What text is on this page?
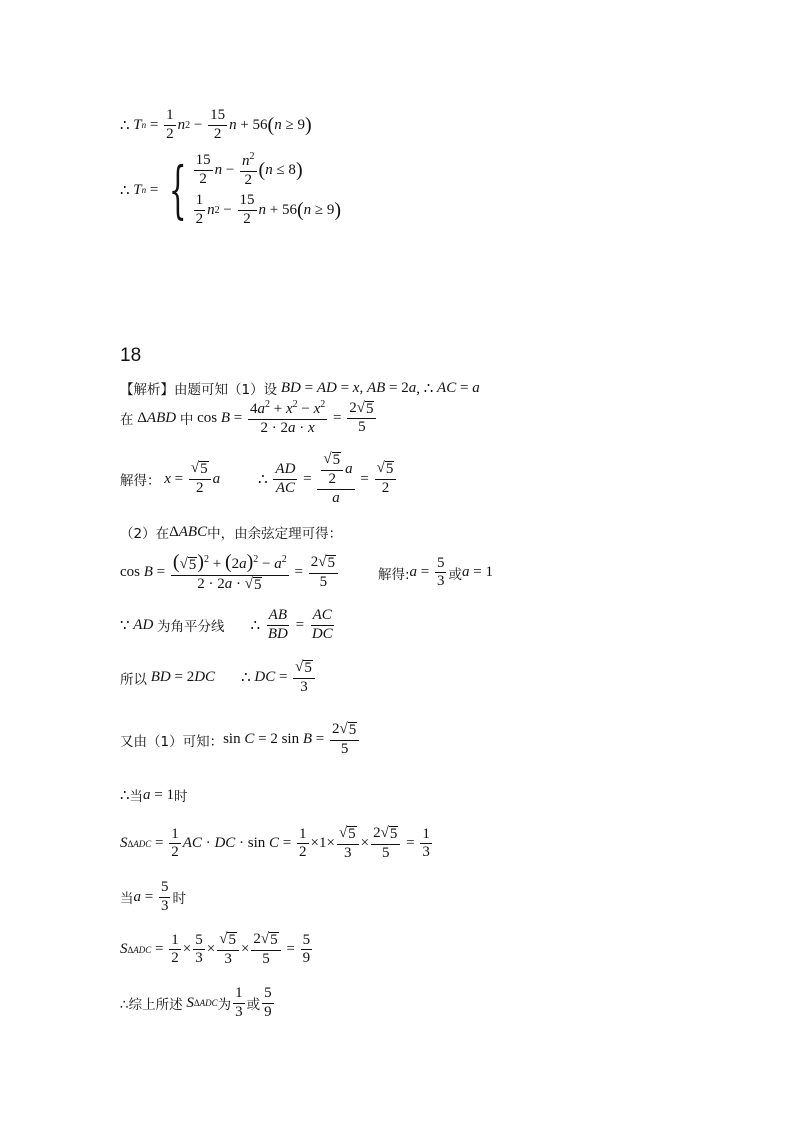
∴ T $n = \frac{1}{2}$ n $2 - \frac{15}{2}$ n + 56 ( n ≥ 9 )
∴ T n = { $\frac{15}{2}$ $n - \frac{n^2}{2}$ ( n ≤ 8 )
$\frac{1}{2}$ n $2 - \frac{15}{2}$ n + 56 ( n ≥ 9 )
18
【解析】 由题可知（1）设
BD = AD = x , AB = 2 a , ∴ AC = a
在 Δ ABD
中 $\cos B = \frac{4a^2 + x^2 - x^2}{2 \cdot 2a \cdot x} = \frac{2√ 5}{5}$
解得：
$x = \frac{√ 5}{2}$ a	∴ $\frac{AD}{AC} = \frac{\frac{√ 5}{2} a}{a} = \frac{√ 5}{2}$
（2）在 Δ ABC 中，由余弦定理可得：
$\cos B = \frac{(√ 5 )^2 + (2a)^2 - a^2}{2 \cdot 2a \cdot √ 5} = \frac{2√ 5}{5}$	解得: $a = \frac{5}{3}$ 或 a = 1
∵ AD
为角平分线 ∴ $\frac{AB}{BD} = \frac{AC}{DC}$
所以
BD = 2 DC ∴ DC = $\frac{√ 5}{3}$
又由（1）可知： sin C = 2 $\sin B = \frac{2√ 5}{5}$
∴ 当 a = 1 时
S $\Delta ADC = \frac{1}{2}$ AC · DC · $\sin C = \frac{1}{2} \times 1\times \frac{√ 5}{3} \times \frac{2√ 5}{5} = \frac{1}{3}$
当 $a = \frac{5}{3}$ 时
S $\Delta ADC = \frac{1}{2} \times \frac{5}{3} \times \frac{√ 5}{3} \times \frac{2√ 5}{5} = \frac{5}{9}$
∴综上所述
S ΔADC 为 $\frac{1}{3}$ 或 $\frac{5}{9}$
